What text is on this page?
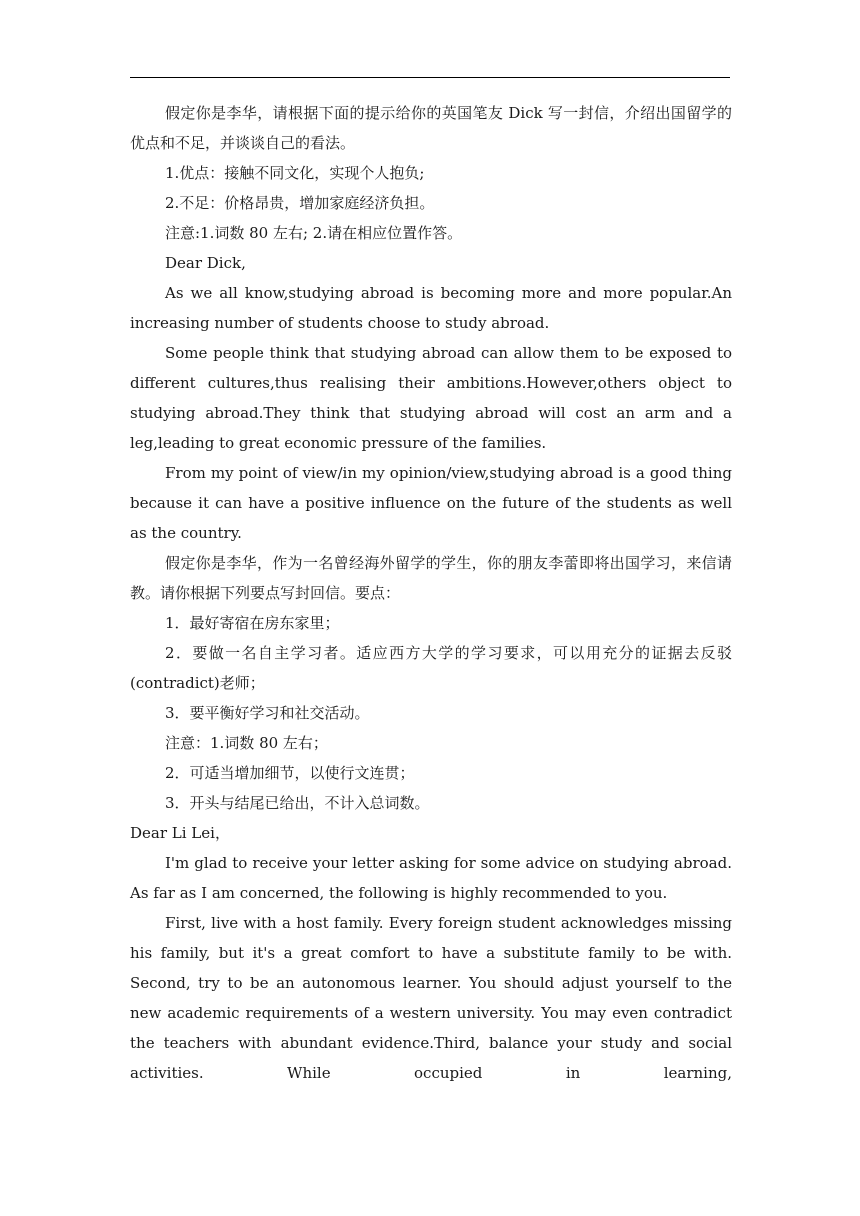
假定你是李华，请根据下面的提示给你的英国笔友 Dick 写一封信，介绍出国留学的优点和不足，并谈谈自己的看法。

1.优点：接触不同文化，实现个人抱负;

2.不足：价格昂贵，增加家庭经济负担。

注意:1.词数 80 左右; 2.请在相应位置作答。

Dear Dick,

As we all know,studying abroad is becoming more and more popular.An increasing number of students choose to study abroad.

Some people think that studying abroad can allow them to be exposed to different cultures,thus realising their ambitions.However,others object to studying abroad.They think that studying abroad will cost an arm and a leg,leading to great economic pressure of the families.

From my point of view/in my opinion/view,studying abroad is a good thing because it can have a positive influence on the future of the students as well as the country.

假定你是李华，作为一名曾经海外留学的学生，你的朋友李蕾即将出国学习，来信请教。请你根据下列要点写封回信。要点：

1．最好寄宿在房东家里；

2．要做一名自主学习者。适应西方大学的学习要求，可以用充分的证据去反驳(contradict)老师；

3．要平衡好学习和社交活动。

注意：1.词数 80 左右；

2．可适当增加细节，以使行文连贯；

3．开头与结尾已给出，不计入总词数。

Dear Li Lei，

I'm glad to receive your letter asking for some advice on studying abroad. As far as I am concerned, the following is highly recommended to you.

First, live with a host family. Every foreign student acknowledges missing his family, but it's a great comfort to have a substitute family to be with. Second, try to be an autonomous learner. You should adjust yourself to the new academic requirements of a western university. You may even contradict the teachers with abundant evidence.Third, balance your study and social activities. While occupied in learning,
